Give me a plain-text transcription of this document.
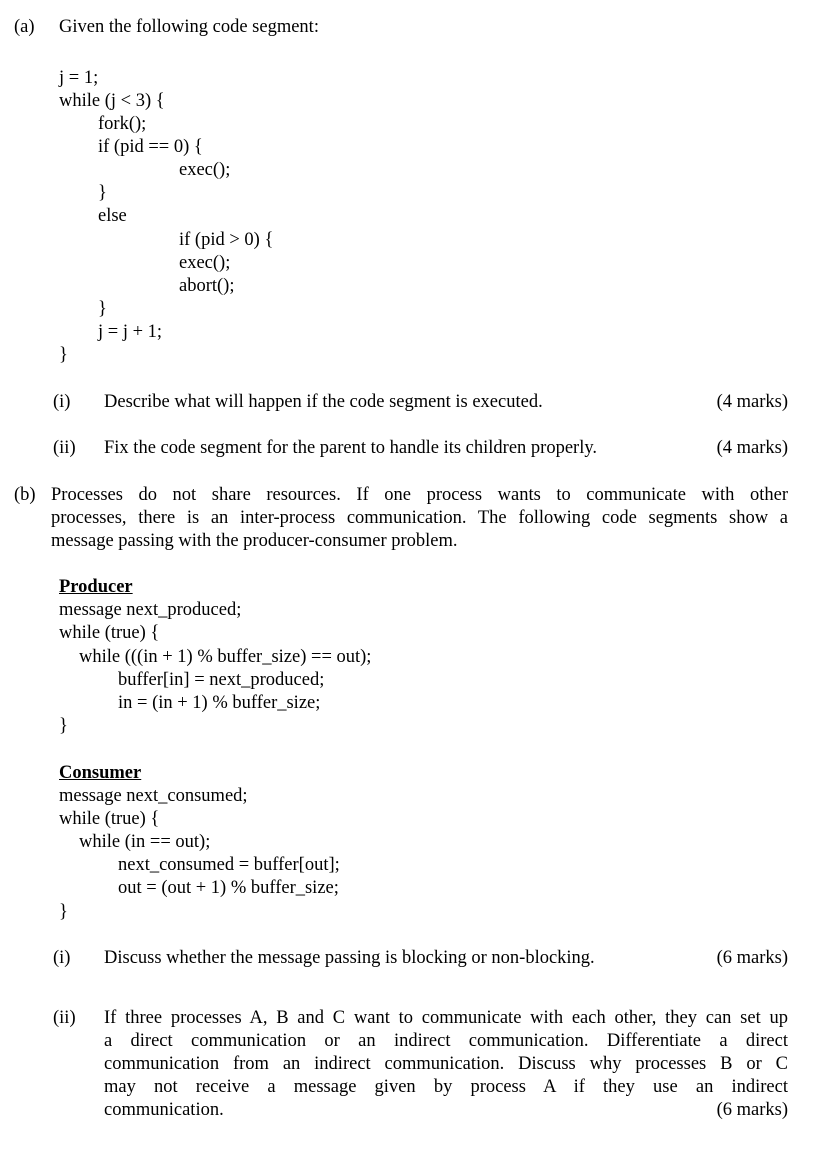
(a) Given the following code segment:
j = 1;
while (j < 3) {
fork();
if (pid == 0) {
exec();
}
else
if (pid > 0) {
exec();
abort();
}
j = j + 1;
}
(i) Describe what will happen if the code segment is executed.	(4 marks)
(ii) Fix the code segment for the parent to handle its children properly.	(4 marks)
(b) Processes do not share resources. If one process wants to communicate with other
processes, there is an inter-process communication. The following code segments show a
message passing with the producer-consumer problem.
Producer
message next_produced;
while (true) {
while (((in + 1) % buffer_size) == out);
buffer[in] = next_produced;
in = (in + 1) % buffer_size;
}
Consumer
message next_consumed;
while (true) {
while (in == out);
next_consumed = buffer[out];
out = (out + 1) % buffer_size;
}
(i) Discuss whether the message passing is blocking or non-blocking.	(6 marks)
(ii) If three processes A, B and C want to communicate with each other, they can set up
a direct communication or an indirect communication. Differentiate a direct
communication from an indirect communication. Discuss why processes B or C
may not receive a message given by process A if they use an indirect
communication.	(6 marks)
